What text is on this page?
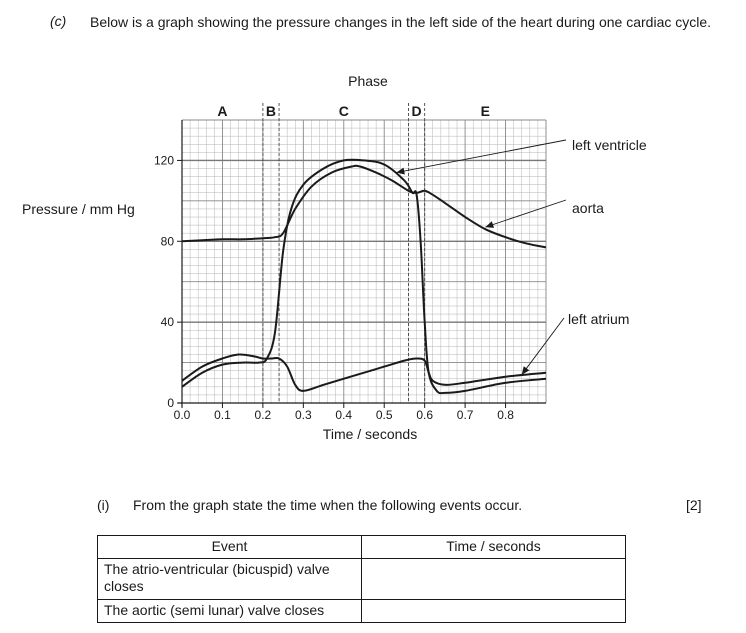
(c) Below is a graph showing the pressure changes in the left side of the heart during one cardiac cycle.
0.0 0.1 0.2 0.3 0.4 0.5 0.6 0.7 0.8
0
40
80
120
A	B	C	D	E
Phase
Time / seconds
Pressure / mm Hg
left ventricle
aorta
left atrium
(i) From the graph state the time when the following events occur.	[2]
Event	Time / seconds
The atrio-ventricular (bicuspid) valve closes	
The aortic (semi lunar) valve closes	
